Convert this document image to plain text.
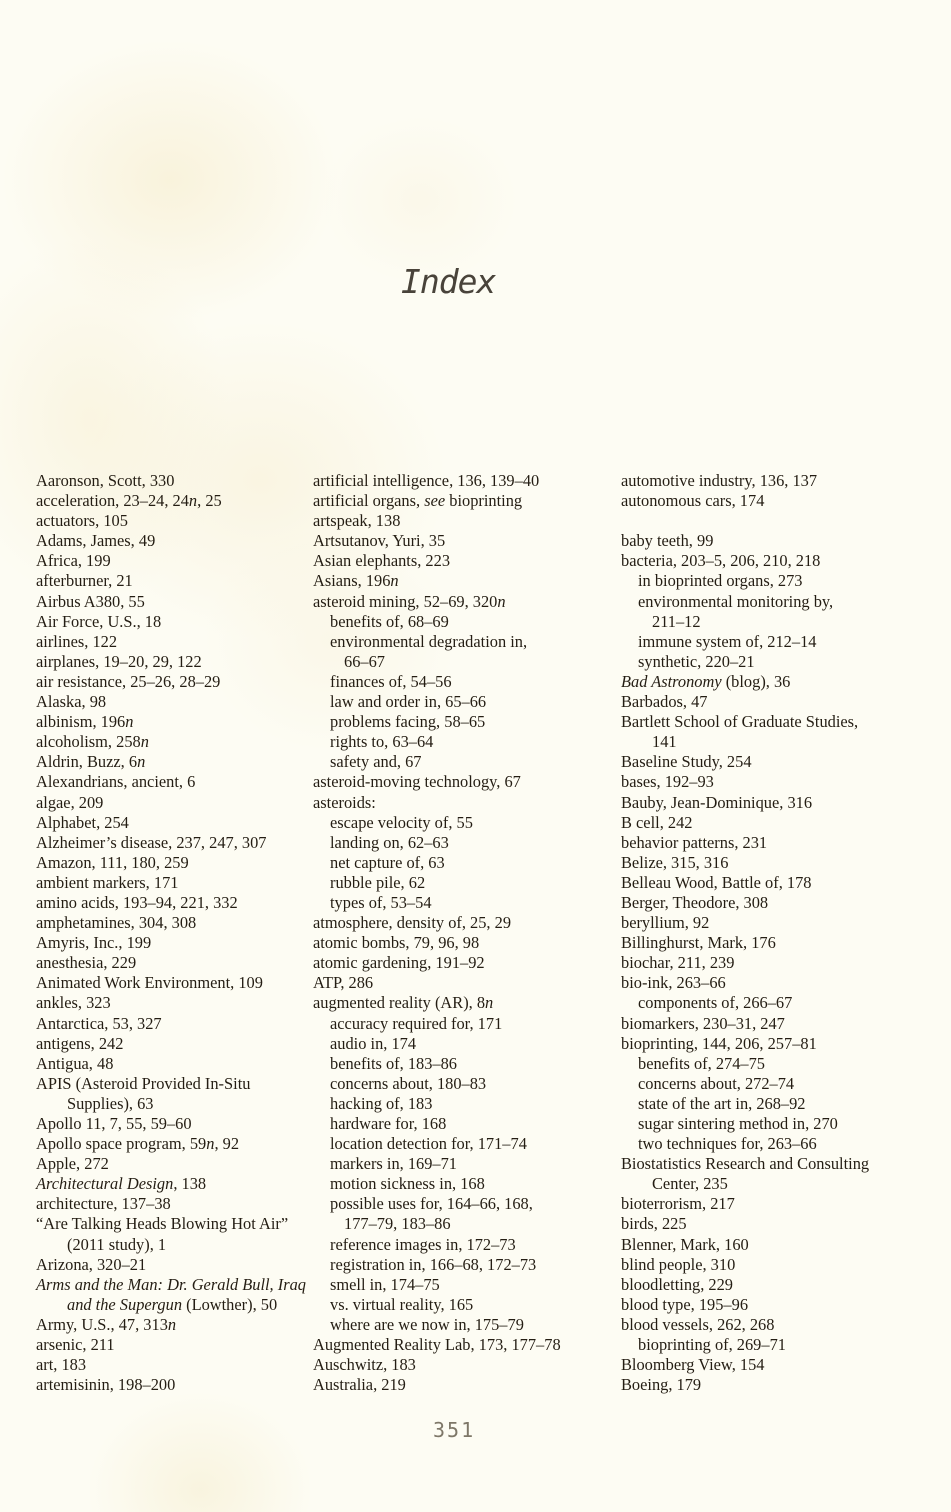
Index
Aaronson, Scott, 330
acceleration, 23–24, 24n, 25
actuators, 105
Adams, James, 49
Africa, 199
afterburner, 21
Airbus A380, 55
Air Force, U.S., 18
airlines, 122
airplanes, 19–20, 29, 122
air resistance, 25–26, 28–29
Alaska, 98
albinism, 196n
alcoholism, 258n
Aldrin, Buzz, 6n
Alexandrians, ancient, 6
algae, 209
Alphabet, 254
Alzheimer’s disease, 237, 247, 307
Amazon, 111, 180, 259
ambient markers, 171
amino acids, 193–94, 221, 332
amphetamines, 304, 308
Amyris, Inc., 199
anesthesia, 229
Animated Work Environment, 109
ankles, 323
Antarctica, 53, 327
antigens, 242
Antigua, 48
APIS (Asteroid Provided In-Situ
Supplies), 63
Apollo 11, 7, 55, 59–60
Apollo space program, 59n, 92
Apple, 272
Architectural Design, 138
architecture, 137–38
“Are Talking Heads Blowing Hot Air”
(2011 study), 1
Arizona, 320–21
Arms and the Man: Dr. Gerald Bull, Iraq
and the Supergun (Lowther), 50
Army, U.S., 47, 313n
arsenic, 211
art, 183
artemisinin, 198–200
artificial intelligence, 136, 139–40
artificial organs, see bioprinting
artspeak, 138
Artsutanov, Yuri, 35
Asian elephants, 223
Asians, 196n
asteroid mining, 52–69, 320n
benefits of, 68–69
environmental degradation in,
66–67
finances of, 54–56
law and order in, 65–66
problems facing, 58–65
rights to, 63–64
safety and, 67
asteroid-moving technology, 67
asteroids:
escape velocity of, 55
landing on, 62–63
net capture of, 63
rubble pile, 62
types of, 53–54
atmosphere, density of, 25, 29
atomic bombs, 79, 96, 98
atomic gardening, 191–92
ATP, 286
augmented reality (AR), 8n
accuracy required for, 171
audio in, 174
benefits of, 183–86
concerns about, 180–83
hacking of, 183
hardware for, 168
location detection for, 171–74
markers in, 169–71
motion sickness in, 168
possible uses for, 164–66, 168,
177–79, 183–86
reference images in, 172–73
registration in, 166–68, 172–73
smell in, 174–75
vs. virtual reality, 165
where are we now in, 175–79
Augmented Reality Lab, 173, 177–78
Auschwitz, 183
Australia, 219
automotive industry, 136, 137
autonomous cars, 174

baby teeth, 99
bacteria, 203–5, 206, 210, 218
in bioprinted organs, 273
environmental monitoring by,
211–12
immune system of, 212–14
synthetic, 220–21
Bad Astronomy (blog), 36
Barbados, 47
Bartlett School of Graduate Studies,
141
Baseline Study, 254
bases, 192–93
Bauby, Jean-Dominique, 316
B cell, 242
behavior patterns, 231
Belize, 315, 316
Belleau Wood, Battle of, 178
Berger, Theodore, 308
beryllium, 92
Billinghurst, Mark, 176
biochar, 211, 239
bio-ink, 263–66
components of, 266–67
biomarkers, 230–31, 247
bioprinting, 144, 206, 257–81
benefits of, 274–75
concerns about, 272–74
state of the art in, 268–92
sugar sintering method in, 270
two techniques for, 263–66
Biostatistics Research and Consulting
Center, 235
bioterrorism, 217
birds, 225
Blenner, Mark, 160
blind people, 310
bloodletting, 229
blood type, 195–96
blood vessels, 262, 268
bioprinting of, 269–71
Bloomberg View, 154
Boeing, 179
351
